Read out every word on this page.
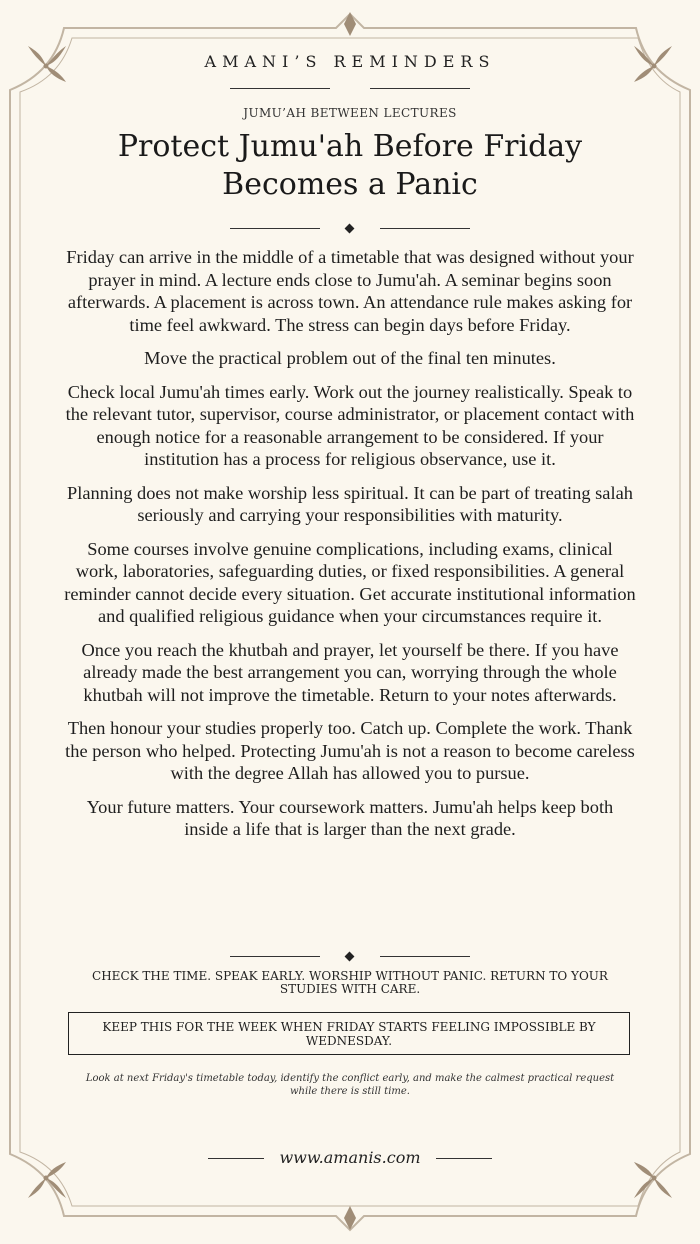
AMANI’S REMINDERS
JUMU’AH BETWEEN LECTURES
Protect Jumu'ah Before Friday Becomes a Panic

Friday can arrive in the middle of a timetable that was designed without your prayer in mind. A lecture ends close to Jumu'ah. A seminar begins soon afterwards. A placement is across town. An attendance rule makes asking for time feel awkward. The stress can begin days before Friday.

Move the practical problem out of the final ten minutes.

Check local Jumu'ah times early. Work out the journey realistically. Speak to the relevant tutor, supervisor, course administrator, or placement contact with enough notice for a reasonable arrangement to be considered. If your institution has a process for religious observance, use it.

Planning does not make worship less spiritual. It can be part of treating salah seriously and carrying your responsibilities with maturity.

Some courses involve genuine complications, including exams, clinical work, laboratories, safeguarding duties, or fixed responsibilities. A general reminder cannot decide every situation. Get accurate institutional information and qualified religious guidance when your circumstances require it.

Once you reach the khutbah and prayer, let yourself be there. If you have already made the best arrangement you can, worrying through the whole khutbah will not improve the timetable. Return to your notes afterwards.

Then honour your studies properly too. Catch up. Complete the work. Thank the person who helped. Protecting Jumu'ah is not a reason to become careless with the degree Allah has allowed you to pursue.

Your future matters. Your coursework matters. Jumu'ah helps keep both inside a life that is larger than the next grade.

CHECK THE TIME. SPEAK EARLY. WORSHIP WITHOUT PANIC. RETURN TO YOUR STUDIES WITH CARE.
KEEP THIS FOR THE WEEK WHEN FRIDAY STARTS FEELING IMPOSSIBLE BY WEDNESDAY.
Look at next Friday's timetable today, identify the conflict early, and make the calmest practical request while there is still time.
www.amanis.com
